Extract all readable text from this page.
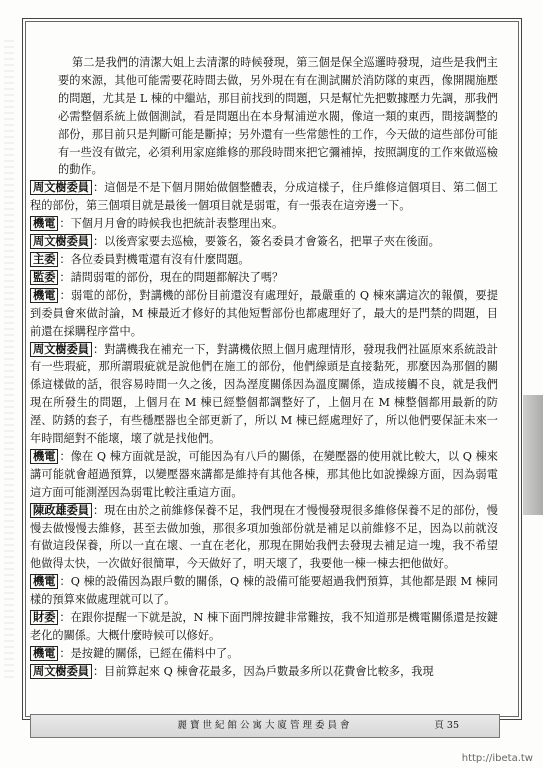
第二是我們的清潔大姐上去清潔的時候發現，第三個是保全巡邏時發現，這些是我們主要的來源，其他可能需要花時間去做，另外現在有在測試關於消防隊的東西，像開閥施壓的問題，尤其是 L 棟的中繼站，那目前找到的問題，只是幫忙先把數據壓力先調，那我們必需整個系統上做個測試，看是問題出在本身幫浦逆水閥，像這一類的東西，間接調整的部份，那目前只是判斷可能是斷掉；另外還有一些常態性的工作，今天做的這些部份可能有一些沒有做完，必須利用家庭維修的那段時間來把它彌補掉，按照調度的工作來做巡檢的動作。

周文樹委員 ：這個是不是下個月開始做個整體表，分成這樣子，住戶維修這個項目、第二個工程的部份，第三個項目就是最後一個項目就是弱電，有一張表在這旁邊一下。

機電 ：下個月月會的時候我也把統計表整理出來。

周文樹委員 ：以後齊家要去巡檢，要簽名，簽名委員才會簽名，把單子夾在後面。

主委 ：各位委員對機電還有沒有什麼問題。

監委 ：請問弱電的部份，現在的問題都解決了嗎？

機電 ：弱電的部份，對講機的部份目前還沒有處理好，最嚴重的 Q 棟來講這次的報價，要提到委員會來做討論，M 棟最近才修好的其他短暫部份也都處理好了，最大的是門禁的問題，目前還在採購程序當中。

周文樹委員 ：對講機我在補充一下，對講機依照上個月處理情形，發現我們社區原來系統設計有一些瑕疵，那所謂瑕疵就是說他們在施工的部份，他們線頭是直接黏死，那麼因為那個的關係這樣做的話，很容易時間一久之後，因為溼度關係因為溫度關係，造成接觸不良，就是我們現在所發生的問題，上個月在 M 棟已經整個都調整好了，上個月在 M 棟整個都用最新的防溼、防銹的套子，有些穩壓器也全部更新了，所以 M 棟已經處理好了，所以他們要保証未來一年時間絕對不能壞，壞了就是找他們。

機電 ：像在 Q 棟方面就是說，可能因為有八戶的關係，在變壓器的使用就比較大，以 Q 棟來講可能就會超過預算，以變壓器來講都是維持有其他各棟，那其他比如說操線方面，因為弱電這方面可能測溼因為弱電比較注重這方面。

陳政雄委員 ：現在由於之前維修保養不足，我們現在才慢慢發現很多維修保養不足的部份，慢慢去做慢慢去維修，甚至去做加強，那很多項加強部份就是補足以前維修不足，因為以前就沒有做這段保養，所以一直在壞、一直在老化，那現在開始我們去發現去補足這一塊，我不希望他做得太快，一次做好很簡單，今天做好了，明天壞了，我要他一棟一棟去把他做好。

機電 ：Q 棟的設備因為跟戶數的關係，Q 棟的設備可能要超過我們預算，其他都是跟 M 棟同樣的預算來做處理就可以了。

財委 ：在跟你提醒一下就是說，N 棟下面門牌按鍵非常難按，我不知道那是機電關係還是按鍵老化的關係。大概什麼時候可以修好。

機電 ：是按鍵的關係，已經在備料中了。

周文樹委員 ：目前算起來 Q 棟會花最多，因為戶數最多所以花費會比較多，我現

麗寶世紀館公寓大廈管理委員會	頁 35
http://ibeta.tw
